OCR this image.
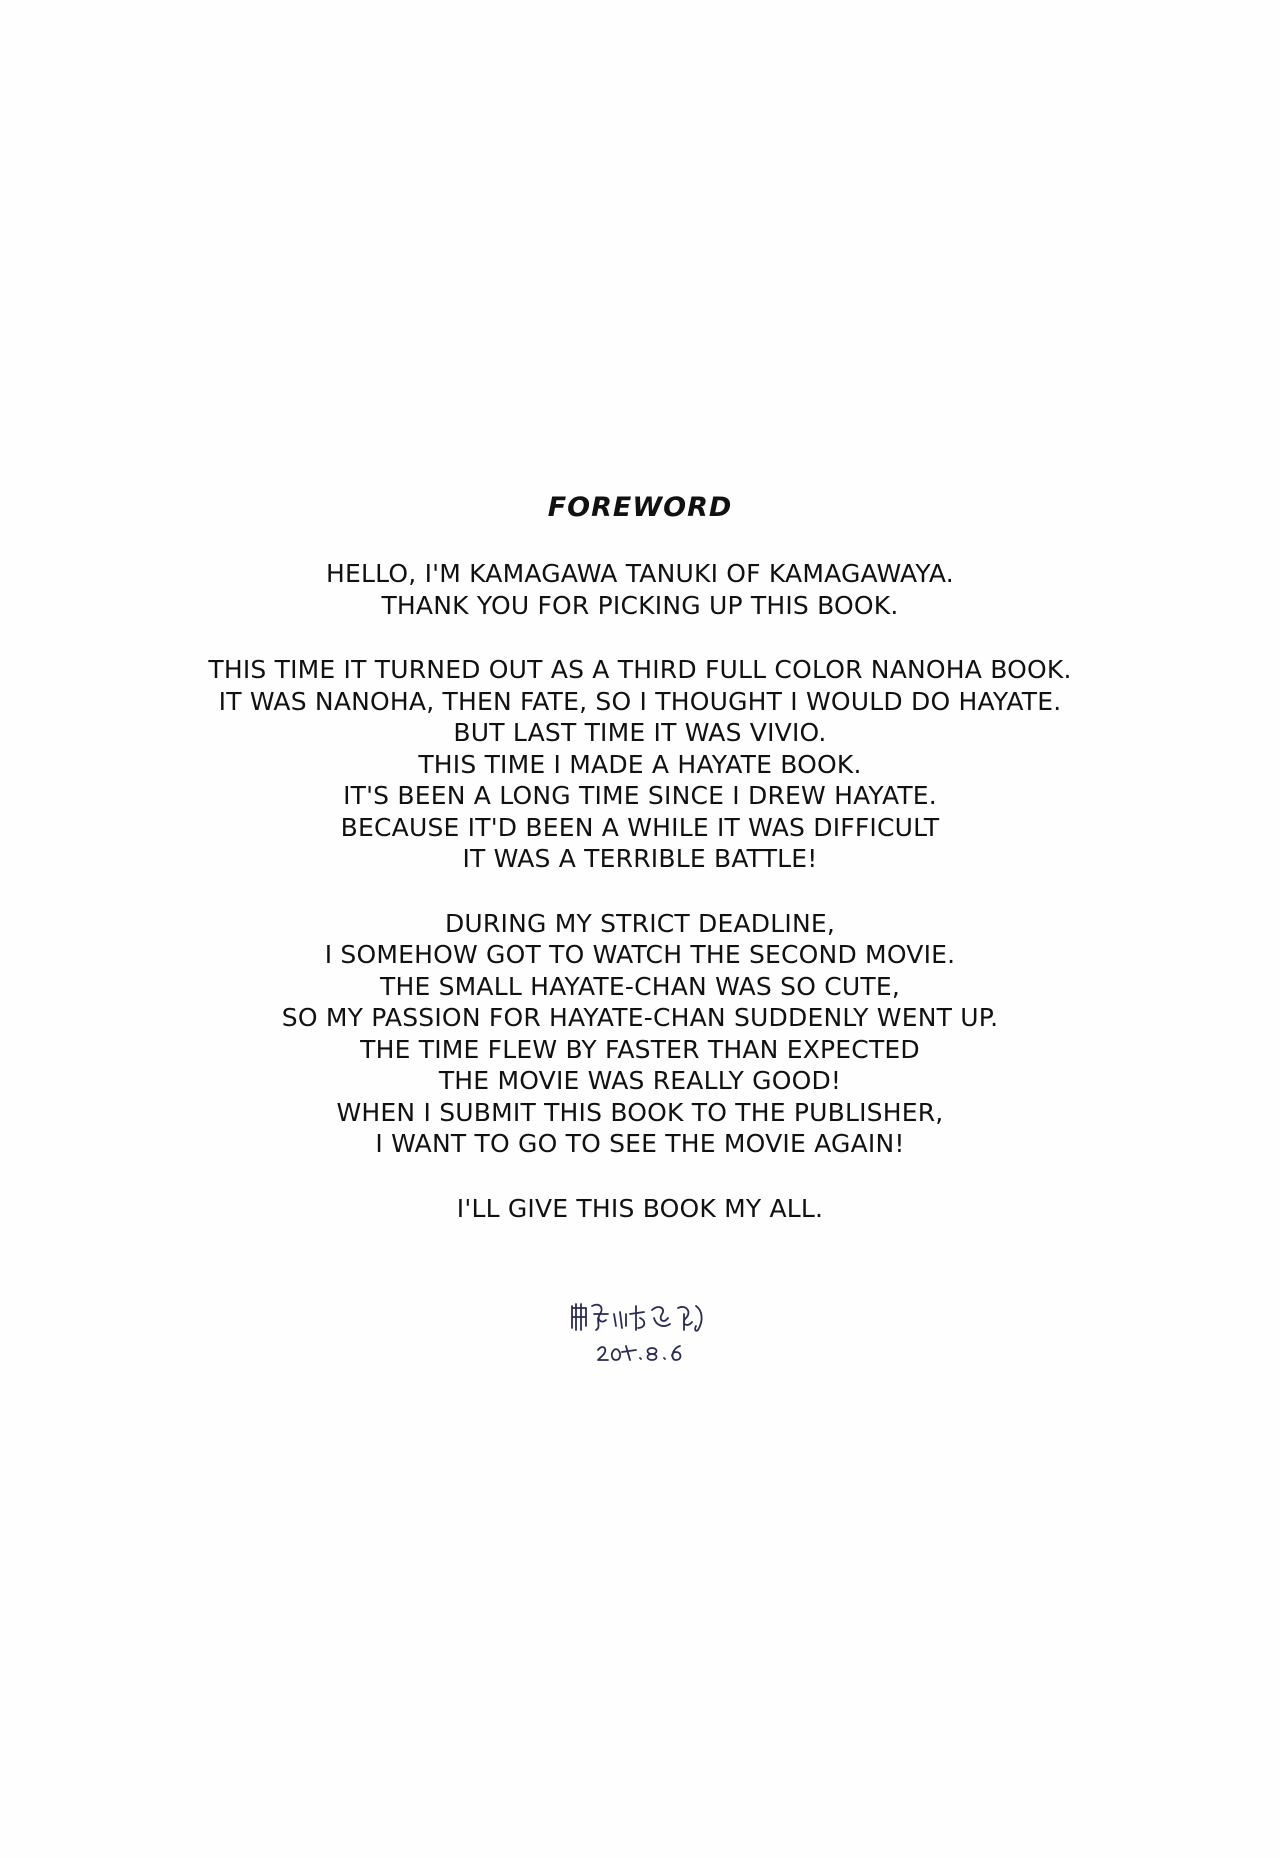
FOREWORD
HELLO, I'M KAMAGAWA TANUKI OF KAMAGAWAYA.
THANK YOU FOR PICKING UP THIS BOOK.
THIS TIME IT TURNED OUT AS A THIRD FULL COLOR NANOHA BOOK.
IT WAS NANOHA, THEN FATE, SO I THOUGHT I WOULD DO HAYATE.
BUT LAST TIME IT WAS VIVIO.
THIS TIME I MADE A HAYATE BOOK.
IT'S BEEN A LONG TIME SINCE I DREW HAYATE.
BECAUSE IT'D BEEN A WHILE IT WAS DIFFICULT
IT WAS A TERRIBLE BATTLE!
DURING MY STRICT DEADLINE,
I SOMEHOW GOT TO WATCH THE SECOND MOVIE.
THE SMALL HAYATE-CHAN WAS SO CUTE,
SO MY PASSION FOR HAYATE-CHAN SUDDENLY WENT UP.
THE TIME FLEW BY FASTER THAN EXPECTED
THE MOVIE WAS REALLY GOOD!
WHEN I SUBMIT THIS BOOK TO THE PUBLISHER,
I WANT TO GO TO SEE THE MOVIE AGAIN!
I'LL GIVE THIS BOOK MY ALL.
